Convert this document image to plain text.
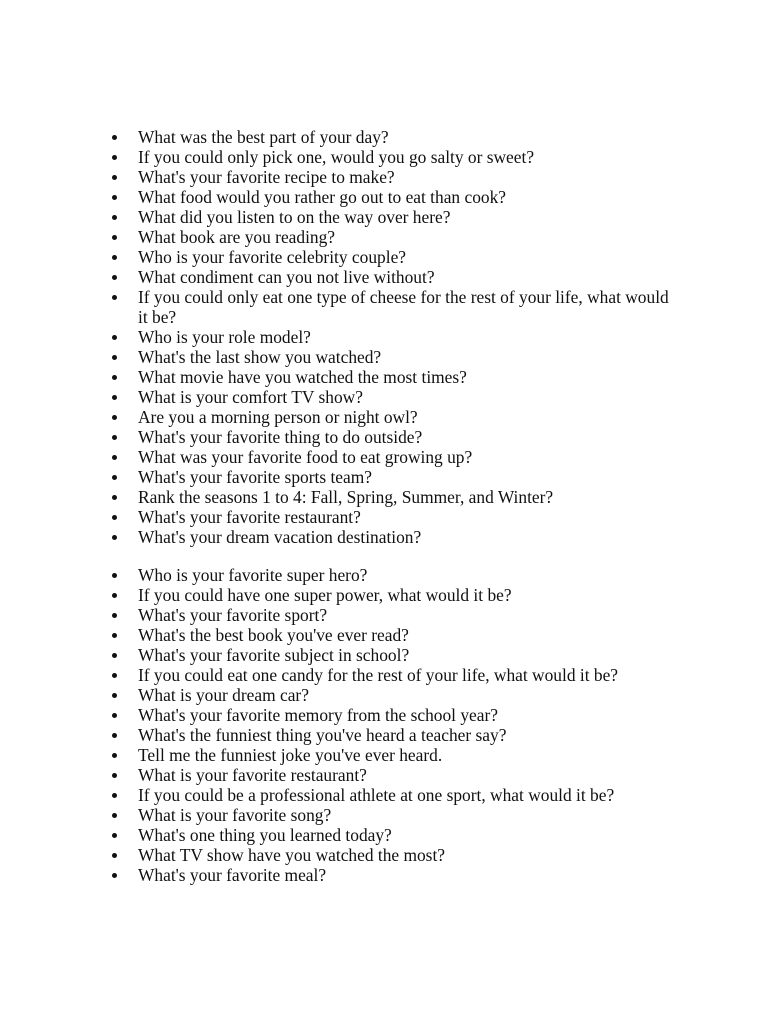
What was the best part of your day?
If you could only pick one, would you go salty or sweet?
What's your favorite recipe to make?
What food would you rather go out to eat than cook?
What did you listen to on the way over here?
What book are you reading?
Who is your favorite celebrity couple?
What condiment can you not live without?
If you could only eat one type of cheese for the rest of your life, what would it be?
Who is your role model?
What's the last show you watched?
What movie have you watched the most times?
What is your comfort TV show?
Are you a morning person or night owl?
What's your favorite thing to do outside?
What was your favorite food to eat growing up?
What's your favorite sports team?
Rank the seasons 1 to 4: Fall, Spring, Summer, and Winter?
What's your favorite restaurant?
What's your dream vacation destination?
Who is your favorite super hero?
If you could have one super power, what would it be?
What's your favorite sport?
What's the best book you've ever read?
What's your favorite subject in school?
If you could eat one candy for the rest of your life, what would it be?
What is your dream car?
What's your favorite memory from the school year?
What's the funniest thing you've heard a teacher say?
Tell me the funniest joke you've ever heard.
What is your favorite restaurant?
If you could be a professional athlete at one sport, what would it be?
What is your favorite song?
What's one thing you learned today?
What TV show have you watched the most?
What's your favorite meal?
